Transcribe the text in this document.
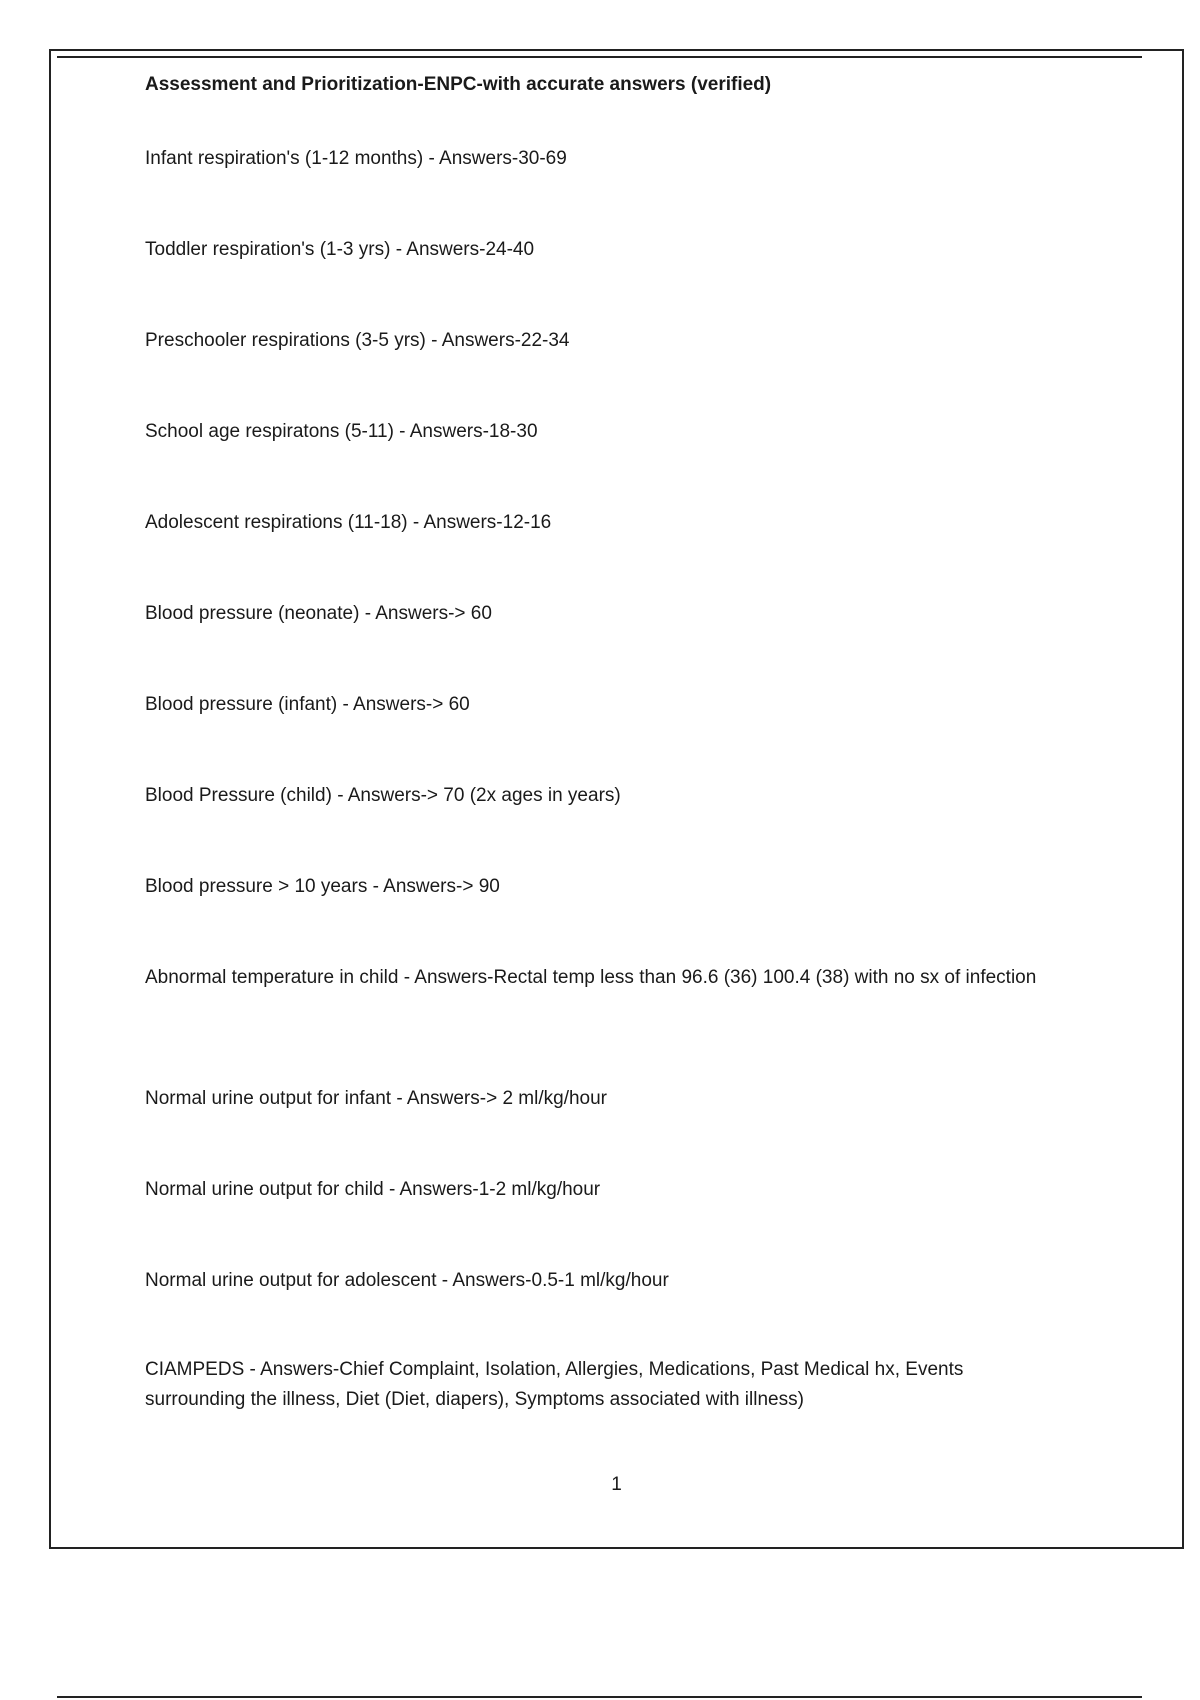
Assessment and Prioritization-ENPC-with accurate answers (verified)

Infant respiration's (1-12 months) - Answers-30-69

Toddler respiration's (1-3 yrs) - Answers-24-40

Preschooler respirations (3-5 yrs) - Answers-22-34

School age respiratons (5-11) - Answers-18-30

Adolescent respirations (11-18) - Answers-12-16

Blood pressure (neonate) - Answers-> 60

Blood pressure (infant) - Answers-> 60

Blood Pressure (child) - Answers-> 70 (2x ages in years)

Blood pressure > 10 years - Answers-> 90

Abnormal temperature in child - Answers-Rectal temp less than 96.6 (36) 100.4 (38) with no sx of infection

Normal urine output for infant - Answers-> 2 ml/kg/hour

Normal urine output for child - Answers-1-2 ml/kg/hour

Normal urine output for adolescent - Answers-0.5-1 ml/kg/hour

CIAMPEDS - Answers-Chief Complaint, Isolation, Allergies, Medications, Past Medical hx, Events surrounding the illness, Diet (Diet, diapers), Symptoms associated with illness)

1
